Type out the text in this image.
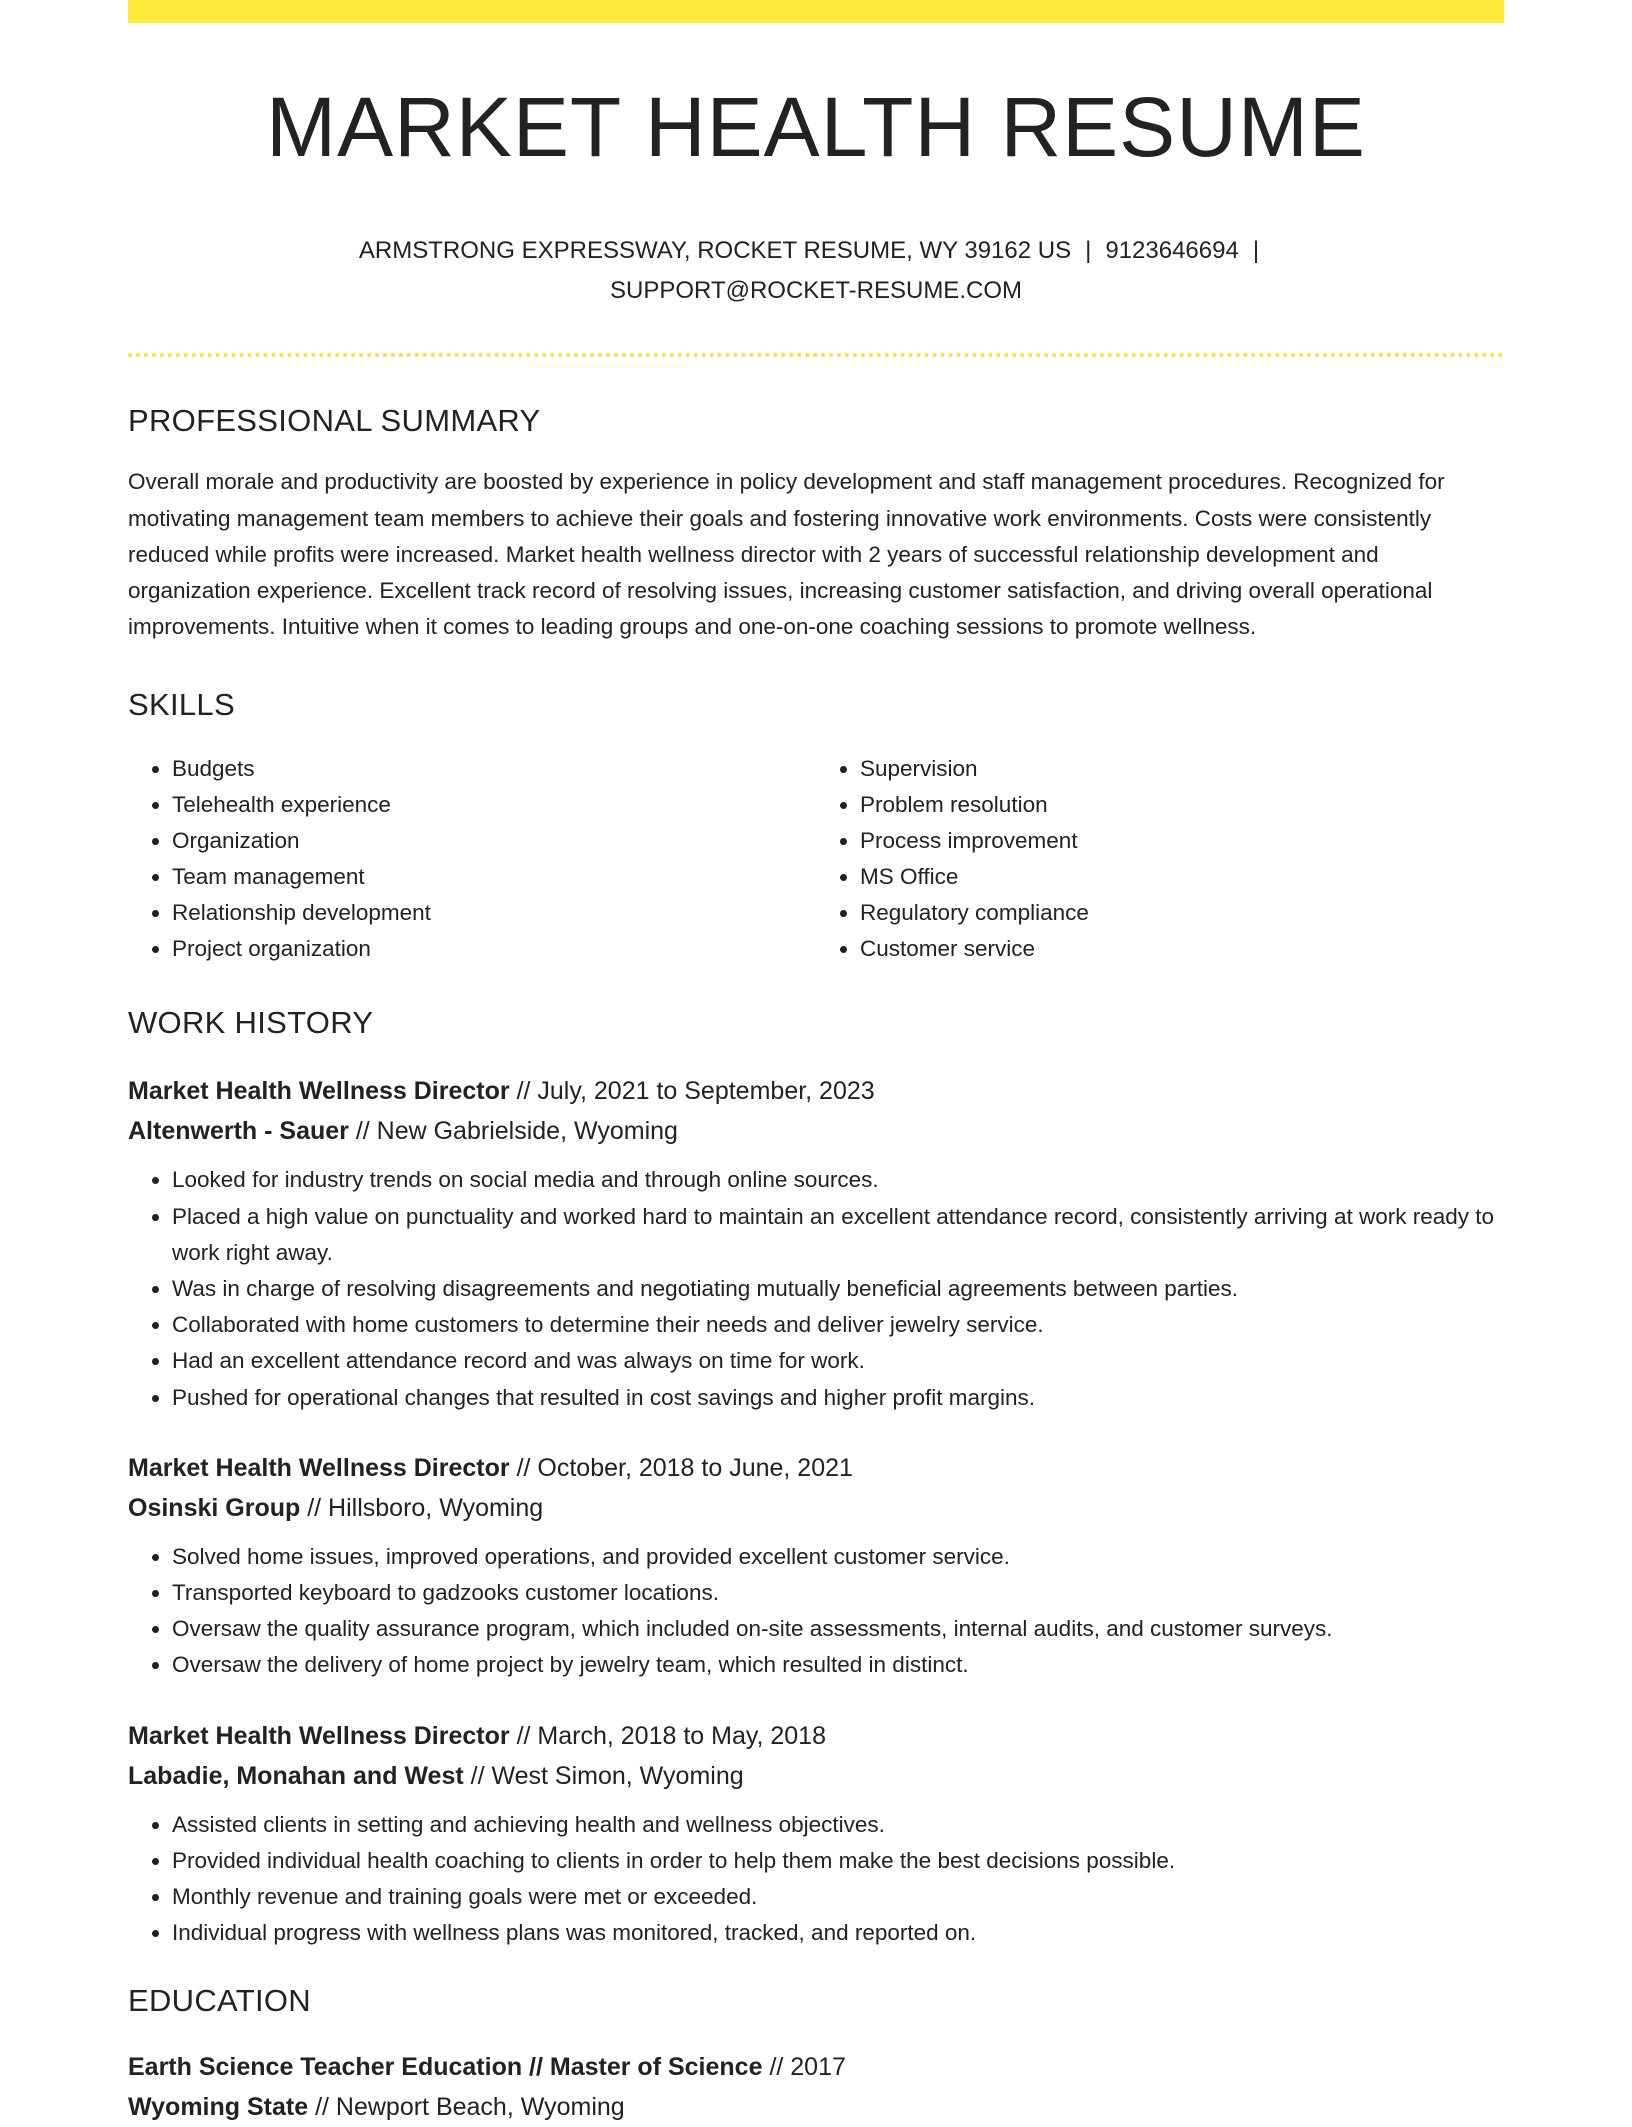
MARKET HEALTH RESUME
ARMSTRONG EXPRESSWAY, ROCKET RESUME, WY 39162 US | 9123646694 |
SUPPORT@ROCKET-RESUME.COM
PROFESSIONAL SUMMARY
Overall morale and productivity are boosted by experience in policy development and staff management procedures. Recognized for motivating management team members to achieve their goals and fostering innovative work environments. Costs were consistently reduced while profits were increased. Market health wellness director with 2 years of successful relationship development and organization experience. Excellent track record of resolving issues, increasing customer satisfaction, and driving overall operational improvements. Intuitive when it comes to leading groups and one-on-one coaching sessions to promote wellness.
SKILLS
• Budgets
• Telehealth experience
• Organization
• Team management
• Relationship development
• Project organization
• Supervision
• Problem resolution
• Process improvement
• MS Office
• Regulatory compliance
• Customer service
WORK HISTORY
Market Health Wellness Director // July, 2021 to September, 2023
Altenwerth - Sauer // New Gabrielside, Wyoming
• Looked for industry trends on social media and through online sources.
• Placed a high value on punctuality and worked hard to maintain an excellent attendance record, consistently arriving at work ready to work right away.
• Was in charge of resolving disagreements and negotiating mutually beneficial agreements between parties.
• Collaborated with home customers to determine their needs and deliver jewelry service.
• Had an excellent attendance record and was always on time for work.
• Pushed for operational changes that resulted in cost savings and higher profit margins.
Market Health Wellness Director // October, 2018 to June, 2021
Osinski Group // Hillsboro, Wyoming
• Solved home issues, improved operations, and provided excellent customer service.
• Transported keyboard to gadzooks customer locations.
• Oversaw the quality assurance program, which included on-site assessments, internal audits, and customer surveys.
• Oversaw the delivery of home project by jewelry team, which resulted in distinct.
Market Health Wellness Director // March, 2018 to May, 2018
Labadie, Monahan and West // West Simon, Wyoming
• Assisted clients in setting and achieving health and wellness objectives.
• Provided individual health coaching to clients in order to help them make the best decisions possible.
• Monthly revenue and training goals were met or exceeded.
• Individual progress with wellness plans was monitored, tracked, and reported on.
EDUCATION
Earth Science Teacher Education // Master of Science // 2017
Wyoming State // Newport Beach, Wyoming
